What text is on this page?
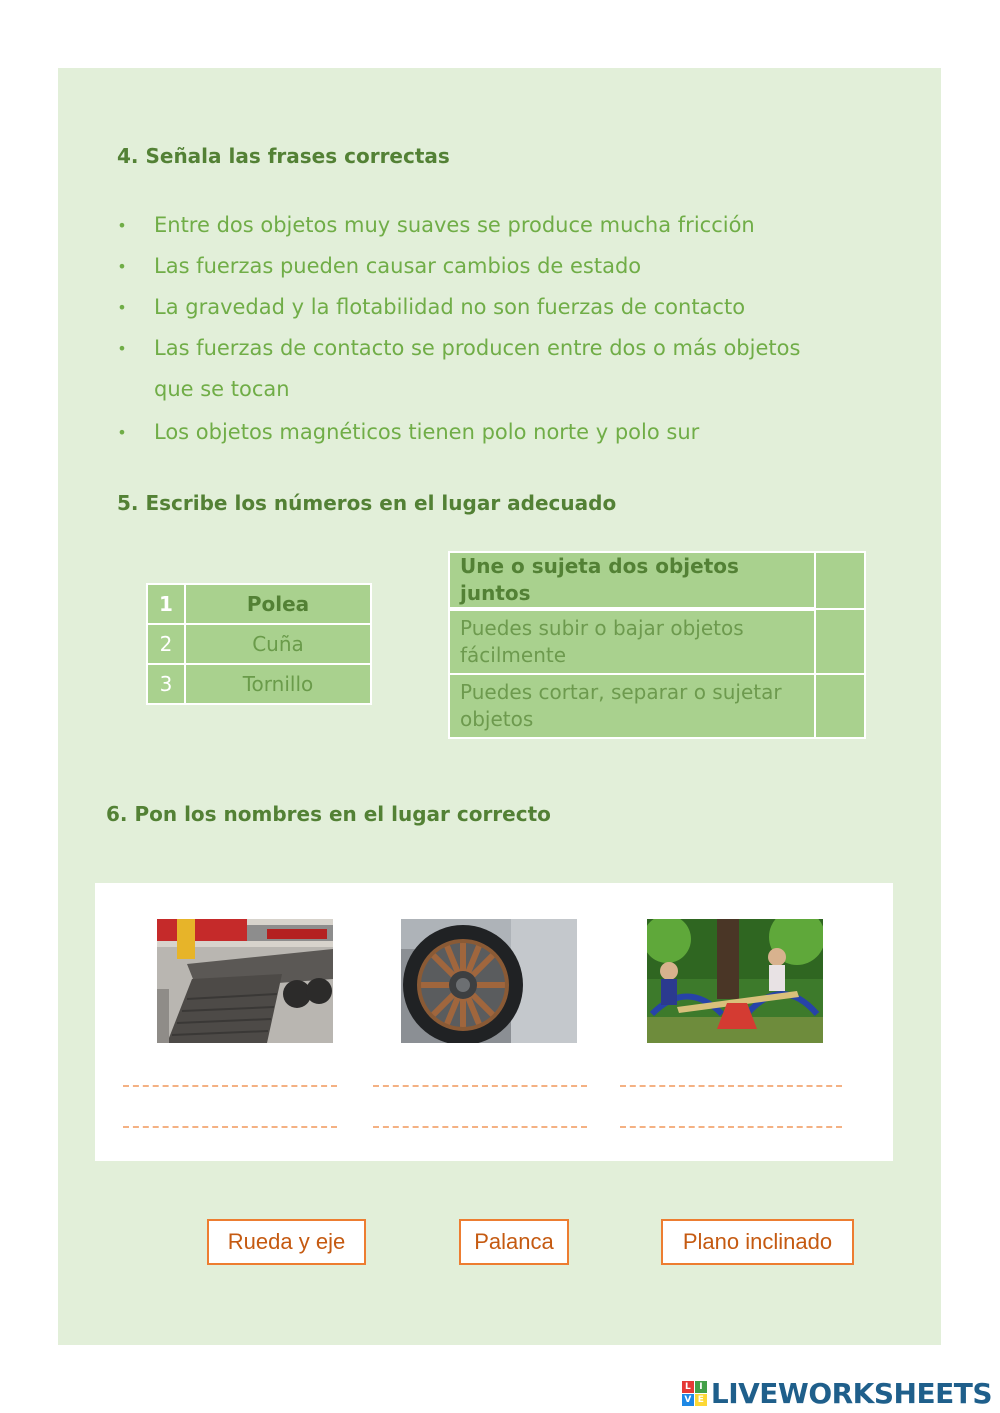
4. Señala las frases correctas
• Entre dos objetos muy suaves se produce mucha fricción
• Las fuerzas pueden causar cambios de estado
• La gravedad y la flotabilidad no son fuerzas de contacto
• Las fuerzas de contacto se producen entre dos o más objetos
que se tocan
• Los objetos magnéticos tienen polo norte y polo sur
5. Escribe los números en el lugar adecuado
1	Polea
2	Cuña
3	Tornillo
Une o sujeta dos objetos juntos	
Puedes subir o bajar objetos fácilmente	
Puedes cortar, separar o sujetar objetos	
6. Pon los nombres en el lugar correcto
Rueda y eje	Palanca	Plano inclinado
L I
V E LIVEWORKSHEETS
